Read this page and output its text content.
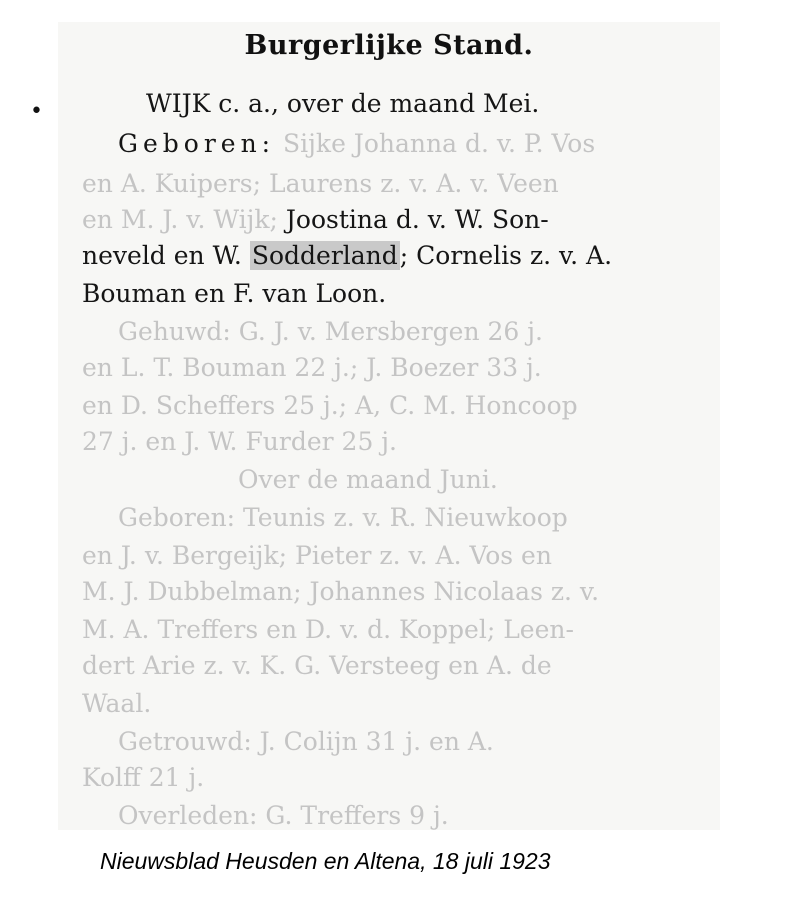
Burgerlijke Stand.
•	WIJK c. a., over de maand Mei.
Geboren: Sijke Johanna d. v. P. Vos
en A. Kuipers; Laurens z. v. A. v. Veen
en M. J. v. Wijk; Joostina d. v. W. Son-
neveld en W. Sodderland; Cornelis z. v. A.
Bouman en F. van Loon.
Gehuwd: G. J. v. Mersbergen 26 j.
en L. T. Bouman 22 j.; J. Boezer 33 j.
en D. Scheffers 25 j.; A, C. M. Honcoop
27 j. en J. W. Furder 25 j.
Over de maand Juni.
Geboren: Teunis z. v. R. Nieuwkoop
en J. v. Bergeijk; Pieter z. v. A. Vos en
M. J. Dubbelman; Johannes Nicolaas z. v.
M. A. Treffers en D. v. d. Koppel; Leen-
dert Arie z. v. K. G. Versteeg en A. de
Waal.
Getrouwd: J. Colijn 31 j. en A.
Kolff 21 j.
Overleden: G. Treffers 9 j.
Nieuwsblad Heusden en Altena, 18 juli 1923
